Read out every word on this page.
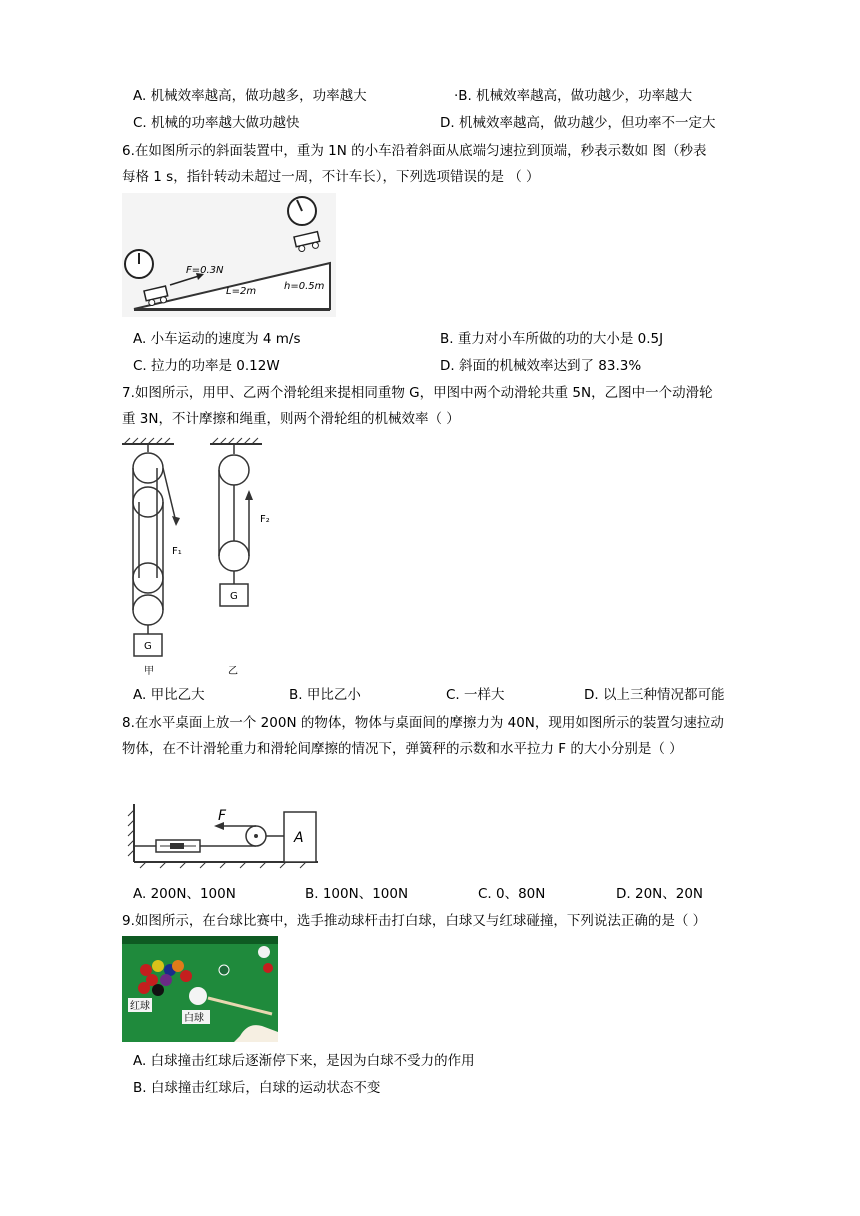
A. 机械效率越高，做功越多，功率越大	·B. 机械效率越高，做功越少，功率越大
C. 机械的功率越大做功越快	D. 机械效率越高，做功越少，但功率不一定大
6.在如图所示的斜面装置中，重为 1N 的小车沿着斜面从底端匀速拉到顶端，秒表示数如 图（秒表
每格 1 s，指针转动未超过一周，不计车长），下列选项错误的是 （ ）
F=0.3N
L=2m	h=0.5m
A. 小车运动的速度为 4 m/s	B. 重力对小车所做的功的大小是 0.5J
C. 拉力的功率是 0.12W	D. 斜面的机械效率达到了 83.3%
7.如图所示，用甲、乙两个滑轮组来提相同重物 G，甲图中两个动滑轮共重 5N，乙图中一个动滑轮
重 3N，不计摩擦和绳重，则两个滑轮组的机械效率（ ）
G
F₁
甲
G
F₂
乙
A. 甲比乙大	B. 甲比乙小	C. 一样大	D. 以上三种情况都可能
8.在水平桌面上放一个 200N 的物体，物体与桌面间的摩擦力为 40N，现用如图所示的装置匀速拉动
物体，在不计滑轮重力和滑轮间摩擦的情况下，弹簧秤的示数和水平拉力 F 的大小分别是（ ）
F
A
A. 200N、100N	B. 100N、100N	C. 0、80N	D. 20N、20N
9.如图所示，在台球比赛中，选手推动球杆击打白球，白球又与红球碰撞，下列说法正确的是（ ）
红球
白球
A. 白球撞击红球后逐渐停下来，是因为白球不受力的作用
B. 白球撞击红球后，白球的运动状态不变
